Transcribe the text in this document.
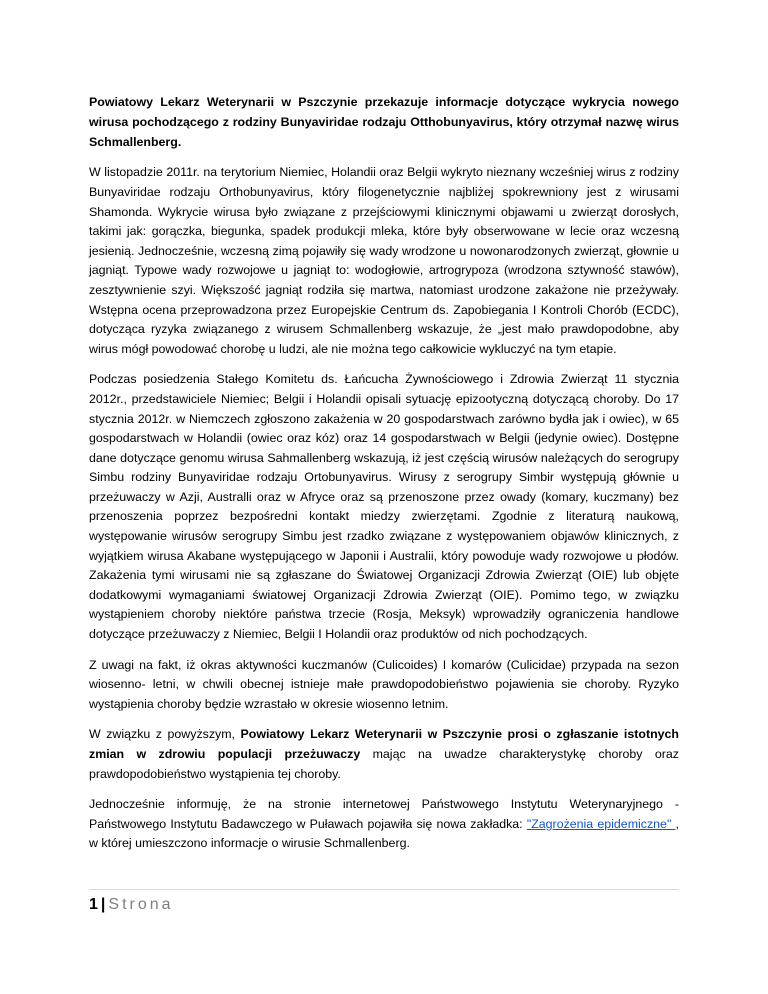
Powiatowy Lekarz Weterynarii w Pszczynie przekazuje informacje dotyczące wykrycia nowego wirusa pochodzącego z rodziny Bunyaviridae rodzaju Otthobunyavirus, który otrzymał nazwę wirus Schmallenberg.

W listopadzie 2011r. na terytorium Niemiec, Holandii oraz Belgii wykryto nieznany wcześniej wirus z rodziny Bunyaviridae rodzaju Orthobunyavirus, który filogenetycznie najbliżej spokrewniony jest z wirusami Shamonda. Wykrycie wirusa było związane z przejściowymi klinicznymi objawami u zwierząt dorosłych, takimi jak: gorączka, biegunka, spadek produkcji mleka, które były obserwowane w lecie oraz wczesną jesienią. Jednocześnie, wczesną zimą pojawiły się wady wrodzone u nowonarodzonych zwierząt, głownie u jagniąt. Typowe wady rozwojowe u jagniąt to: wodogłowie, artrogrypoza (wrodzona sztywność stawów), zesztywnienie szyi. Większość jagniąt rodziła się martwa, natomiast urodzone zakażone nie przeżywały. Wstępna ocena przeprowadzona przez Europejskie Centrum ds. Zapobiegania I Kontroli Chorób (ECDC), dotycząca ryzyka związanego z wirusem Schmallenberg wskazuje, że „jest mało prawdopodobne, aby wirus mógł powodować chorobę u ludzi, ale nie można tego całkowicie wykluczyć na tym etapie.

Podczas posiedzenia Stałego Komitetu ds. Łańcucha Żywnościowego i Zdrowia Zwierząt 11 stycznia 2012r., przedstawiciele Niemiec; Belgii i Holandii opisali sytuację epizootyczną dotyczącą choroby. Do 17 stycznia 2012r. w Niemczech zgłoszono zakażenia w 20 gospodarstwach zarówno bydła jak i owiec), w 65 gospodarstwach w Holandii (owiec oraz kóz) oraz 14 gospodarstwach w Belgii (jedynie owiec). Dostępne dane dotyczące genomu wirusa Sahmallenberg wskazują, iż jest częścią wirusów należących do serogrupy Simbu rodziny Bunyaviridae rodzaju Ortobunyavirus. Wirusy z serogrupy Simbir występują głównie u przeżuwaczy w Azji, Australli oraz w Afryce oraz są przenoszone przez owady (komary, kuczmany) bez przenoszenia poprzez bezpośredni kontakt miedzy zwierzętami. Zgodnie z literaturą naukową, występowanie wirusów serogrupy Simbu jest rzadko związane z występowaniem objawów klinicznych, z wyjątkiem wirusa Akabane występującego w Japonii i Australii, który powoduje wady rozwojowe u płodów. Zakażenia tymi wirusami nie są zgłaszane do Światowej Organizacji Zdrowia Zwierząt (OIE) lub objęte dodatkowymi wymaganiami światowej Organizacji Zdrowia Zwierząt (OIE). Pomimo tego, w związku wystąpieniem choroby niektóre państwa trzecie (Rosja, Meksyk) wprowadziły ograniczenia handlowe dotyczące przeżuwaczy z Niemiec, Belgii I Holandii oraz produktów od nich pochodzących.

Z uwagi na fakt, iż okras aktywności kuczmanów (Culicoides) I komarów (Culicidae) przypada na sezon wiosenno- letni, w chwili obecnej istnieje małe prawdopodobieństwo pojawienia sie choroby. Ryzyko wystąpienia choroby będzie wzrastało w okresie wiosenno letnim.

W związku z powyższym, Powiatowy Lekarz Weterynarii w Pszczynie prosi o zgłaszanie istotnych zmian w zdrowiu populacji przeżuwaczy mając na uwadze charakterystykę choroby oraz prawdopodobieństwo wystąpienia tej choroby.

Jednocześnie informuję, że na stronie internetowej Państwowego Instytutu Weterynaryjnego - Państwowego Instytutu Badawczego w Puławach pojawiła się nowa zakładka: "Zagrożenia epidemiczne" , w której umieszczono informacje o wirusie Schmallenberg.

1 | Strona
